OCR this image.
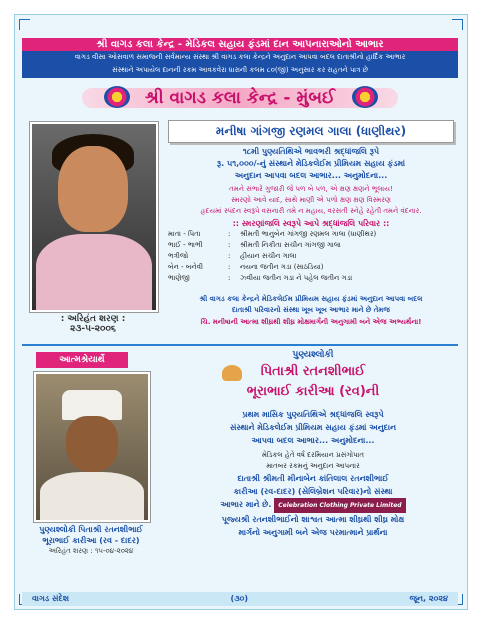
શ્રી વાગડ કલા કેન્દ્ર - મેડિકલ સહાય ફંડમાં દાન આપનારાઓનો આભાર
વાગડ વીસા ઓસવાળ સમાજની સર્વમાન્ય સંસ્થા શ્રી વાગડ કલા કેન્દ્રને અનુદાન આપવા બદલ દાતાશ્રીનો હાર્દિક આભાર
સંસ્થાને અપાયેલ દાનની રકમ આવકવેરા ધારાની કલમ ૮૦(જી) અનુસાર કર રાહતને પાત્ર છે
શ્રી વાગડ કલા કેન્દ્ર - મુંબઈ
: અરિહંત શરણ :
૨૩-૫-૨૦૦૬
મનીષા ગાંગજી રણમલ ગાલા (ધાણીથર)
૧૮મી પુણ્યતિથિએ ભાવભરી શ્રદ્ધાંજલિ રૂપે
રૂ. ૫૧,૦૦૦/-નું સંસ્થાને મેડિકલેઈમ પ્રીમિયમ સહાય ફંડમાં
અનુદાન આપવા બદલ આભાર... અનુમોદના...
તમને સંભારે ગુજારી જે પળ બે પળ, એ ક્ષણ ક્ષણને ભૂલાય!
સ્મરણો આવે યાદ, સાથે માણી એ પળો ક્ષણ ક્ષણ વિસ્મરણ
હૃદયમાં સ્પંદન સ્વરૂપે વસનારી તમે ન મહાય, વરસતી સ્નેહે રહેતી તમને વંદનાર.
:: સ્મરણાંજલિ સ્વરૂપે આપે શ્રદ્ધાંજલિ પરિવાર ::
માતા - પિતા	:	શ્રીમતી ભાનુબેન ગાંગજી રણમલ ગાલા (ધાણીથર)
ભાઈ - ભાભી	:	શ્રીમતી નિકીતા સચીન ગાંગજી ગાલા
ભત્રીજો	:	હીયાન સચીન ગાલા
બેન - બનેવી	:	નયના જતીન ગડા (સાઠડિયા)
ભાણેજી	:	ઝ્વીયા જતીન ગડા ને પહેલ જતીન ગડા
શ્રી વાગડ કલા કેન્દ્રને મેડિકલેઈમ પ્રીમિયમ સહાય ફંડમાં અનુદાન આપવા બદલ
દાતાશ્રી પરિવારનો સંસ્થા ખૂબ ખૂબ આભાર માને છે તેમજ
ચિ. મનીષાની આત્મા શીઘ્રથી શીઘ્ર મોક્ષમાર્ગની અનુગામી બને એજ અભ્યર્થના!
આત્મશ્રેયાર્થે
પુણ્યશ્લોકી પિતાશ્રી રતનશીભાઈ
ભૂરાભાઈ કારીઆ (રવ - દાદર)
અરિહંત શરણ : ૧૫-૦૪-૨૦૨૪
પુણ્યશ્લોકી
પિતાશ્રી રતનશીભાઈ
ભૂરાભાઈ કારીઆ (રવ)ની
પ્રથમ માસિક પુણ્યતિથિએ શ્રદ્ધાંજલિ સ્વરૂપે
સંસ્થાને મેડિકલેઈમ પ્રીમિયમ સહાય ફંડમાં અનુદાન
આપવા બદલ આભાર... અનુમોદના...
મેડિકલ હેતે વર્ષ દરમિયાન પ્રસંગોપાત
માતબર રકમનું અનુદાન આપનાર
દાતાશ્રી શ્રીમતી મીનાબેન કાંતિલાલ રતનશીભાઈ
કારીઆ (રવ-દાદર) (સેલિબ્રેશન પરિવાર)નો સંસ્થા
આભાર માને છે. Celebration Clothing Private Limited
પૂજ્યશ્રી રતનશીભાઈનો શાશ્વત આત્મા શીઘ્રથી શીઘ્ર મોક્ષ
માર્ગનો અનુગામી બને એજ પરમાત્માને પ્રાર્થના
વાગડ સંદેશ	(૩૦)	જૂન, ૨૦૨૪
